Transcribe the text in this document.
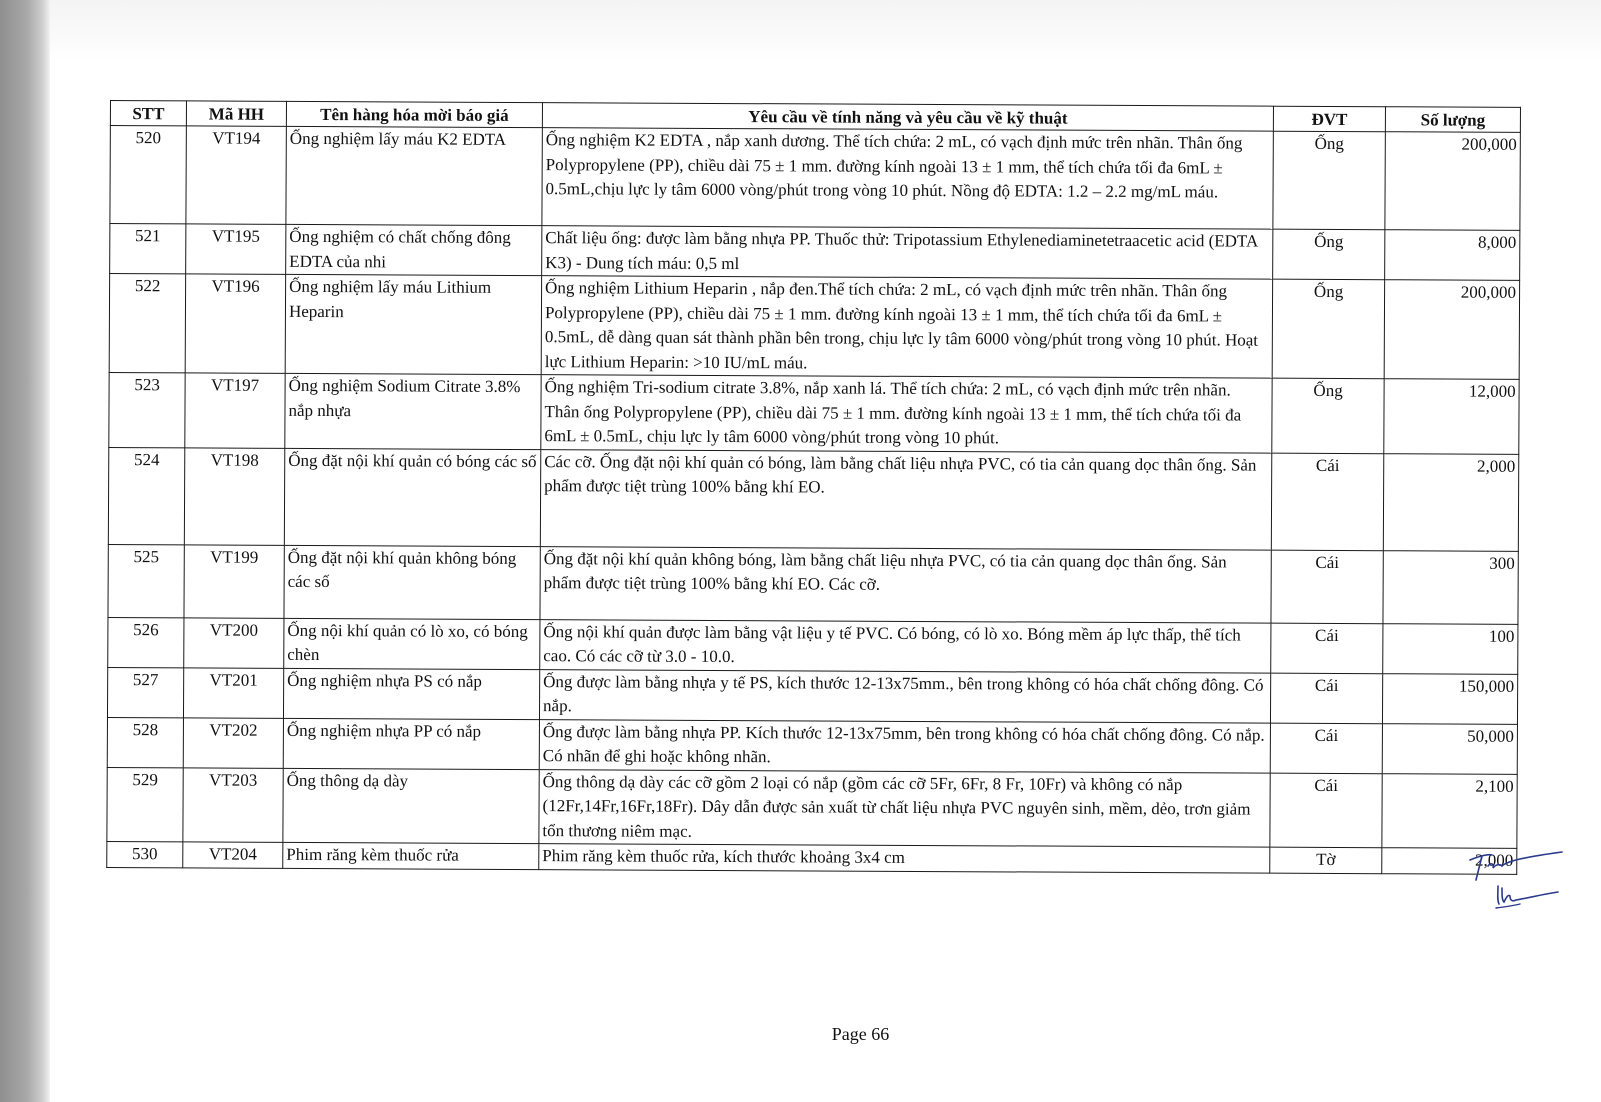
STT	Mã HH	Tên hàng hóa mời báo giá	Yêu cầu về tính năng và yêu cầu về kỹ thuật	ĐVT	Số lượng
520	VT194	Ống nghiệm lấy máu K2 EDTA	Ống nghiệm K2 EDTA , nắp xanh dương. Thể tích chứa: 2 mL, có vạch định mức trên nhãn. Thân ống Polypropylene (PP), chiều dài 75 ± 1 mm. đường kính ngoài 13 ± 1 mm, thể tích chứa tối đa 6mL ± 0.5mL,chịu lực ly tâm 6000 vòng/phút trong vòng 10 phút. Nồng độ EDTA: 1.2 – 2.2 mg/mL máu.	Ống	200,000
521	VT195	Ống nghiệm có chất chống đông EDTA của nhi	Chất liệu ống: được làm bằng nhựa PP. Thuốc thử: Tripotassium Ethylenediaminetetraacetic acid (EDTA K3) - Dung tích máu: 0,5 ml	Ống	8,000
522	VT196	Ống nghiệm lấy máu Lithium Heparin	Ống nghiệm Lithium Heparin , nắp đen.Thể tích chứa: 2 mL, có vạch định mức trên nhãn. Thân ống Polypropylene (PP), chiều dài 75 ± 1 mm. đường kính ngoài 13 ± 1 mm, thể tích chứa tối đa 6mL ± 0.5mL, dễ dàng quan sát thành phần bên trong, chịu lực ly tâm 6000 vòng/phút trong vòng 10 phút. Hoạt lực Lithium Heparin: >10 IU/mL máu.	Ống	200,000
523	VT197	Ống nghiệm Sodium Citrate 3.8% nắp nhựa	Ống nghiệm Tri-sodium citrate 3.8%, nắp xanh lá. Thể tích chứa: 2 mL, có vạch định mức trên nhãn. Thân ống Polypropylene (PP), chiều dài 75 ± 1 mm. đường kính ngoài 13 ± 1 mm, thể tích chứa tối đa 6mL ± 0.5mL, chịu lực ly tâm 6000 vòng/phút trong vòng 10 phút.	Ống	12,000
524	VT198	Ống đặt nội khí quản có bóng các số	Các cỡ. Ống đặt nội khí quản có bóng, làm bằng chất liệu nhựa PVC, có tia cản quang dọc thân ống. Sản phẩm được tiệt trùng 100% bằng khí EO.	Cái	2,000
525	VT199	Ống đặt nội khí quản không bóng các số	Ống đặt nội khí quản không bóng, làm bằng chất liệu nhựa PVC, có tia cản quang dọc thân ống. Sản phẩm được tiệt trùng 100% bằng khí EO. Các cỡ.	Cái	300
526	VT200	Ống nội khí quản có lò xo, có bóng chèn	Ống nội khí quản được làm bằng vật liệu y tế PVC. Có bóng, có lò xo. Bóng mềm áp lực thấp, thể tích cao. Có các cỡ từ 3.0 - 10.0.	Cái	100
527	VT201	Ống nghiệm nhựa PS có nắp	Ống được làm bằng nhựa y tế PS, kích thước 12-13x75mm., bên trong không có hóa chất chống đông. Có nắp.	Cái	150,000
528	VT202	Ống nghiệm nhựa PP có nắp	Ống được làm bằng nhựa PP. Kích thước 12-13x75mm, bên trong không có hóa chất chống đông. Có nắp. Có nhãn để ghi hoặc không nhãn.	Cái	50,000
529	VT203	Ống thông dạ dày	Ống thông dạ dày các cỡ gồm 2 loại có nắp (gồm các cỡ 5Fr, 6Fr, 8 Fr, 10Fr) và không có nắp (12Fr,14Fr,16Fr,18Fr). Dây dẫn được sản xuất từ chất liệu nhựa PVC nguyên sinh, mềm, dẻo, trơn giảm tổn thương niêm mạc.	Cái	2,100
530	VT204	Phim răng kèm thuốc rửa	Phim răng kèm thuốc rửa, kích thước khoảng 3x4 cm	Tờ	2,000
Page 66
